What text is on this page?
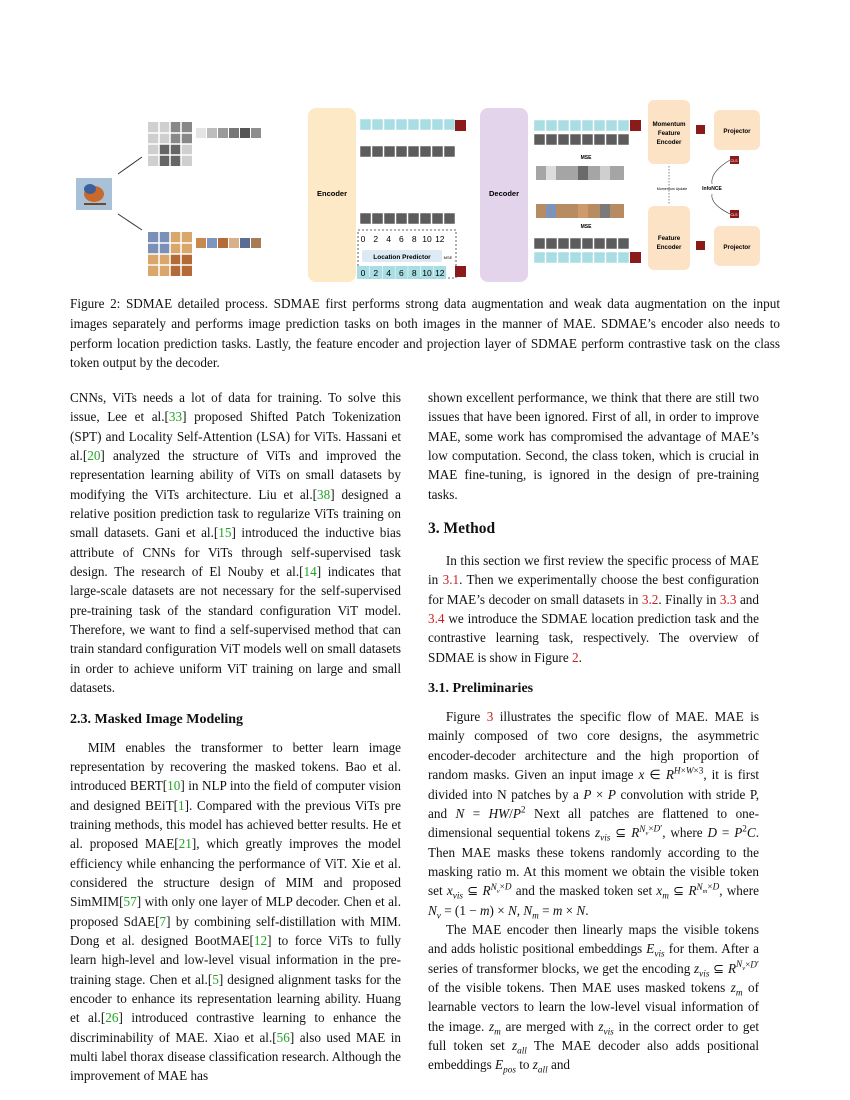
Encoder
0 2 4 6 8 10 12
Location Predictor	MSE
0 2 4 6 8 10 12
Decoder
MSE
MSE
Momentum
Feature
Encoder
Momentum Update
Feature
Encoder
Projector
Projector
CLS
CLS
InfoNCE
Figure 2: SDMAE detailed process. SDMAE first performs strong data augmentation and weak data augmentation on the input images separately and performs image prediction tasks on both images in the manner of MAE. SDMAE’s encoder also needs to perform location prediction tasks. Lastly, the feature encoder and projection layer of SDMAE perform contrastive task on the class token output by the decoder.

CNNs, ViTs needs a lot of data for training. To solve this issue, Lee et al.[33] proposed Shifted Patch Tokenization (SPT) and Locality Self-Attention (LSA) for ViTs. Hassani et al.[20] analyzed the structure of ViTs and improved the representation learning ability of ViTs on small datasets by modifying the ViTs architecture. Liu et al.[38] designed a relative position prediction task to regularize ViTs training on small datasets. Gani et al.[15] introduced the inductive bias attribute of CNNs for ViTs through self-supervised task design. The research of El Nouby et al.[14] indicates that large-scale datasets are not necessary for the self-supervised pre-training task of the standard configuration ViT model. Therefore, we want to find a self-supervised method that can train standard configuration ViT models well on small datasets in order to achieve uniform ViT training on large and small datasets.

2.3. Masked Image Modeling

MIM enables the transformer to better learn image representation by recovering the masked tokens. Bao et al. introduced BERT[10] in NLP into the field of computer vision and designed BEiT[1]. Compared with the previous ViTs pre training methods, this model has achieved better results. He et al. proposed MAE[21], which greatly improves the model efficiency while enhancing the performance of ViT. Xie et al. considered the structure design of MIM and proposed SimMIM[57] with only one layer of MLP decoder. Chen et al. proposed SdAE[7] by combining self-distillation with MIM. Dong et al. designed BootMAE[12] to force ViTs to fully learn high-level and low-level visual information in the pre-training stage. Chen et al.[5] designed alignment tasks for the encoder to enhance its representation learning ability. Huang et al.[26] introduced contrastive learning to enhance the discriminability of MAE. Xiao et al.[56] also used MAE in multi label thorax disease classification research. Although the improvement of MAE has

shown excellent performance, we think that there are still two issues that have been ignored. First of all, in order to improve MAE, some work has compromised the advantage of MAE’s low computation. Second, the class token, which is crucial in MAE fine-tuning, is ignored in the design of pre-training tasks.

3. Method

In this section we first review the specific process of MAE in 3.1. Then we experimentally choose the best configuration for MAE’s decoder on small datasets in 3.2. Finally in 3.3 and 3.4 we introduce the SDMAE location prediction task and the contrastive learning task, respectively. The overview of SDMAE is show in Figure 2.

3.1. Preliminaries

Figure 3 illustrates the specific flow of MAE. MAE is mainly composed of two core designs, the asymmetric encoder-decoder architecture and the high proportion of random masks. Given an input image x ∈ $R^{H\times W\times 3}$, it is first divided into N patches by a P × P convolution with stride P, and $N = HW/P^2$ Next all patches are flattened to one-dimensional sequential tokens $z_{vis}$ ⊆ $R^{N_v\times D'}$, where $D = P^2C$. Then MAE masks these tokens randomly according to the masking ratio m. At this moment we obtain the visible token set $x_{vis}$ ⊆ $R^{N_v\times D}$ and the masked token set $x_m$ ⊆ $R^{N_m\times D}$, where $N_v = (1 - m) \times N$, $N_m = m \times N$.

The MAE encoder then linearly maps the visible tokens and adds holistic positional embeddings $E_{vis}$ for them. After a series of transformer blocks, we get the encoding $z_{vis}$ ⊆ $R^{N_v\times D'}$ of the visible tokens. Then MAE uses masked tokens $z_m$ of learnable vectors to learn the low-level visual information of the image. $z_m$ are merged with $z_{vis}$ in the correct order to get full token set $z_{all}$ The MAE decoder also adds positional embeddings $E_{pos}$ to $z_{all}$ and
